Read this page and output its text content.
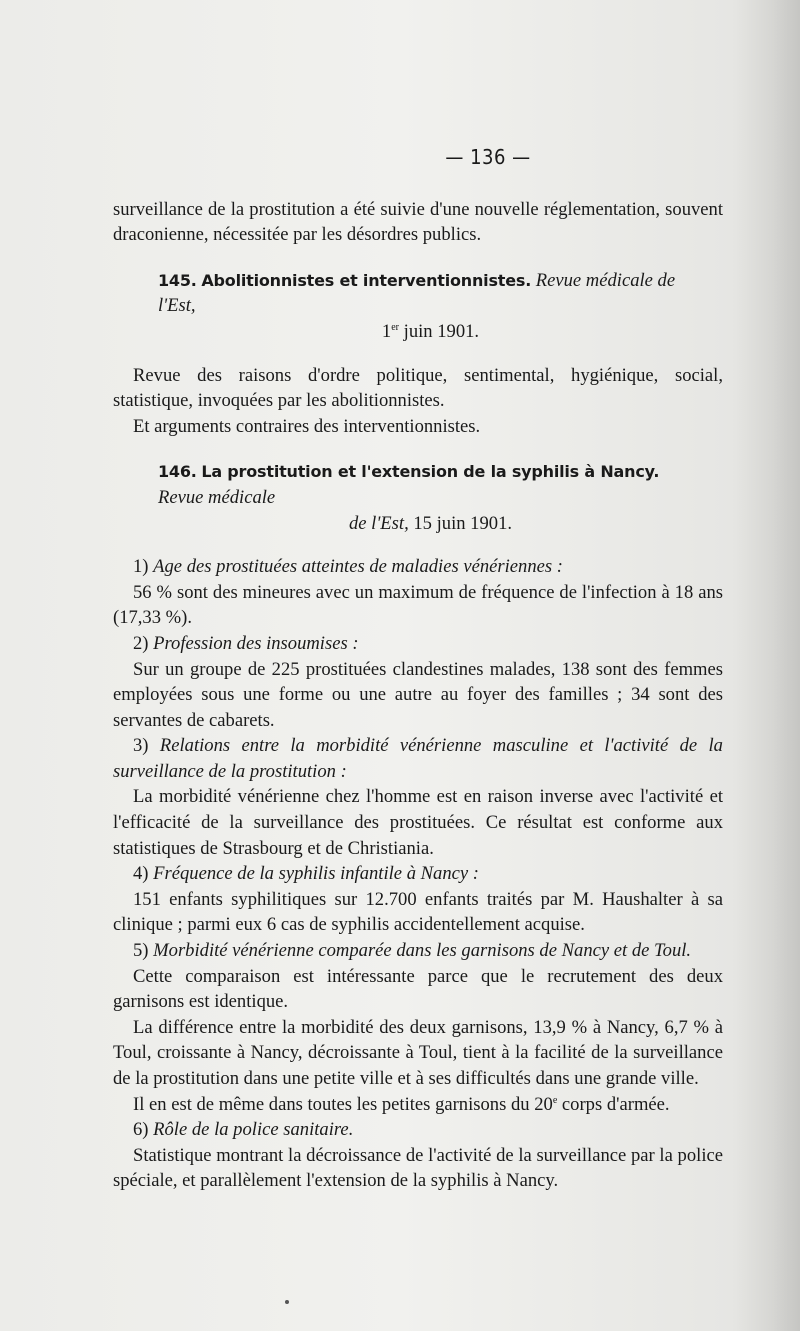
— 136 —

surveillance de la prostitution a été suivie d'une nouvelle réglementation, souvent draconienne, nécessitée par les désordres publics.

145. Abolitionnistes et interventionnistes. Revue médicale de l'Est,
1er juin 1901.

Revue des raisons d'ordre politique, sentimental, hygiénique, social, statistique, invoquées par les abolitionnistes.

Et arguments contraires des interventionnistes.

146. La prostitution et l'extension de la syphilis à Nancy. Revue médicale
de l'Est, 15 juin 1901.

1) Age des prostituées atteintes de maladies vénériennes :

56 % sont des mineures avec un maximum de fréquence de l'infection à 18 ans (17,33 %).

2) Profession des insoumises :

Sur un groupe de 225 prostituées clandestines malades, 138 sont des femmes employées sous une forme ou une autre au foyer des familles ; 34 sont des servantes de cabarets.

3) Relations entre la morbidité vénérienne masculine et l'activité de la surveillance de la prostitution :

La morbidité vénérienne chez l'homme est en raison inverse avec l'activité et l'efficacité de la surveillance des prostituées. Ce résultat est conforme aux statistiques de Strasbourg et de Christiania.

4) Fréquence de la syphilis infantile à Nancy :

151 enfants syphilitiques sur 12.700 enfants traités par M. Haushalter à sa clinique ; parmi eux 6 cas de syphilis accidentellement acquise.

5) Morbidité vénérienne comparée dans les garnisons de Nancy et de Toul.

Cette comparaison est intéressante parce que le recrutement des deux garnisons est identique.

La différence entre la morbidité des deux garnisons, 13,9 % à Nancy, 6,7 % à Toul, croissante à Nancy, décroissante à Toul, tient à la facilité de la surveillance de la prostitution dans une petite ville et à ses difficultés dans une grande ville.

Il en est de même dans toutes les petites garnisons du 20e corps d'armée.

6) Rôle de la police sanitaire.

Statistique montrant la décroissance de l'activité de la surveillance par la police spéciale, et parallèlement l'extension de la syphilis à Nancy.
